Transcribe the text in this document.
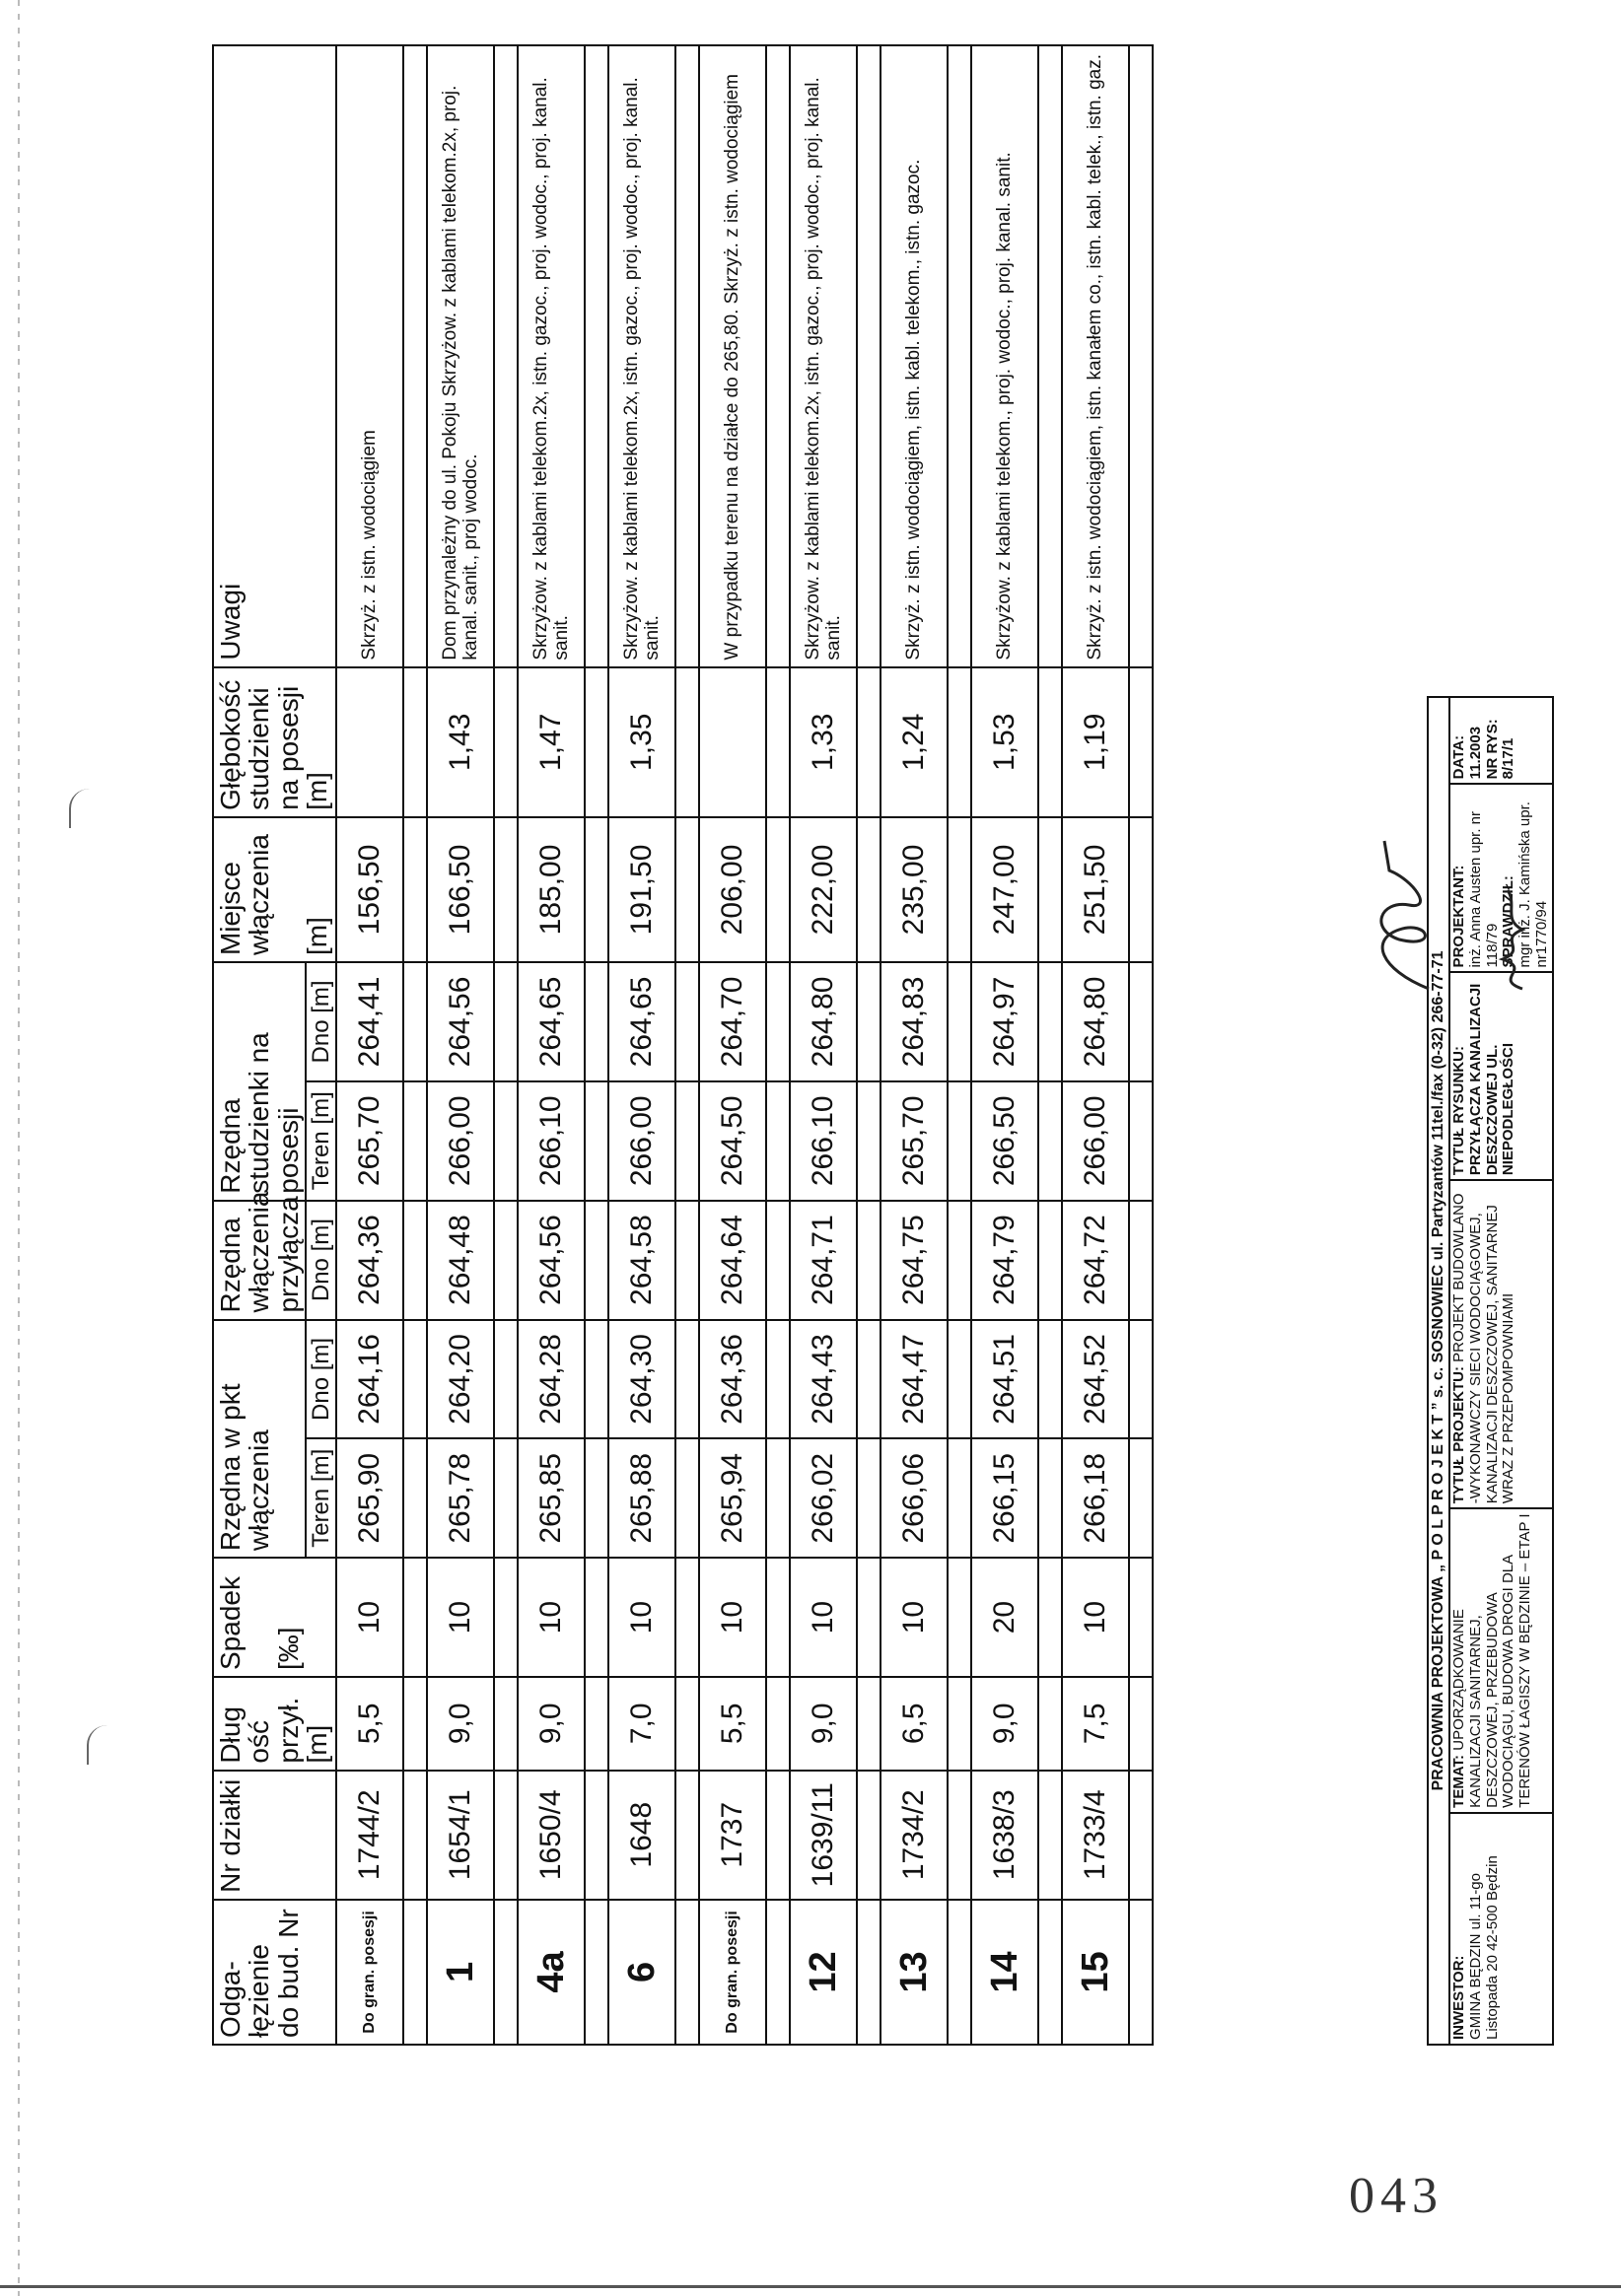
043
Odga- łęzienie do bud. Nr	Nr działki	Dług ość przył. [m]	Spadek [‰]	Rzędna w pkt włączenia		Rzędna włączenia przyłącza	Rzędna studzienki na posesji		Miejsce włączenia [m]	Głębokość studzienki na posesji [m]	Uwagi
				Teren [m]	Dno [m]	Dno [m]	Teren [m]	Dno [m]			
Do gran. posesji	1744/2	5,5	10	265,90	264,16	264,36	265,70	264,41	156,50		Skrzyż. z istn. wodociągiem

1	1654/1	9,0	10	265,78	264,20	264,48	266,00	264,56	166,50	1,43	Dom przynależny do ul. Pokoju Skrzyżow. z kablami telekom.2x, proj. kanal. sanit., proj wodoc.

4a	1650/4	9,0	10	265,85	264,28	264,56	266,10	264,65	185,00	1,47	Skrzyżow. z kablami telekom.2x, istn. gazoc., proj. wodoc., proj. kanal. sanit.

6	1648	7,0	10	265,88	264,30	264,58	266,00	264,65	191,50	1,35	Skrzyżow. z kablami telekom.2x, istn. gazoc., proj. wodoc., proj. kanal. sanit.

Do gran. posesji	1737	5,5	10	265,94	264,36	264,64	264,50	264,70	206,00		W przypadku terenu na działce do 265,80. Skrzyż. z istn. wodociągiem

12	1639/11	9,0	10	266,02	264,43	264,71	266,10	264,80	222,00	1,33	Skrzyżow. z kablami telekom.2x, istn. gazoc., proj. wodoc., proj. kanal. sanit.

13	1734/2	6,5	10	266,06	264,47	264,75	265,70	264,83	235,00	1,24	Skrzyż. z istn. wodociągiem, istn. kabl. telekom., istn. gazoc.

14	1638/3	9,0	20	266,15	264,51	264,79	266,50	264,97	247,00	1,53	Skrzyżow. z kablami telekom., proj. wodoc., proj. kanal. sanit.

15	1733/4	7,5	10	266,18	264,52	264,72	266,00	264,80	251,50	1,19	Skrzyż. z istn. wodociągiem, istn. kanałem co., istn. kabl. telek., istn. gaz.

PRACOWNIA PROJEKTOWA „ P O L P R O J E K T ” s. c. SOSNOWIEC ul. Partyzantów 11tel./fax (0-32) 266-77-71
INWESTOR: GMINA BĘDZIN ul. 11-go Listopada 20 42-500 Będzin
TEMAT: UPORZĄDKOWANIE KANALIZACJI SANITARNEJ, DESZCZOWEJ, PRZEBUDOWA WODOCIĄGU, BUDOWA DROGI DLA TERENÓW ŁAGISZY W BĘDZINIE – ETAP I
TYTUŁ PROJEKTU: PROJEKT BUDOWLANO -WYKONAWCZY SIECI WODOCIĄGOWEJ, KANALIZACJI DESZCZOWEJ, SANITARNEJ WRAZ Z PRZEPOMPOWNIAMI
TYTUŁ RYSUNKU: PRZYŁĄCZA KANALIZACJI DESZCZOWEJ UL. NIEPODLEGŁOŚCI
PROJEKTANT: inż. Anna Austen upr. nr 118/79 SPRAWDZIŁ: mgr inż. J. Kamińska upr. nr1770/94
DATA: 11.2003 NR RYS: 8/17/1
